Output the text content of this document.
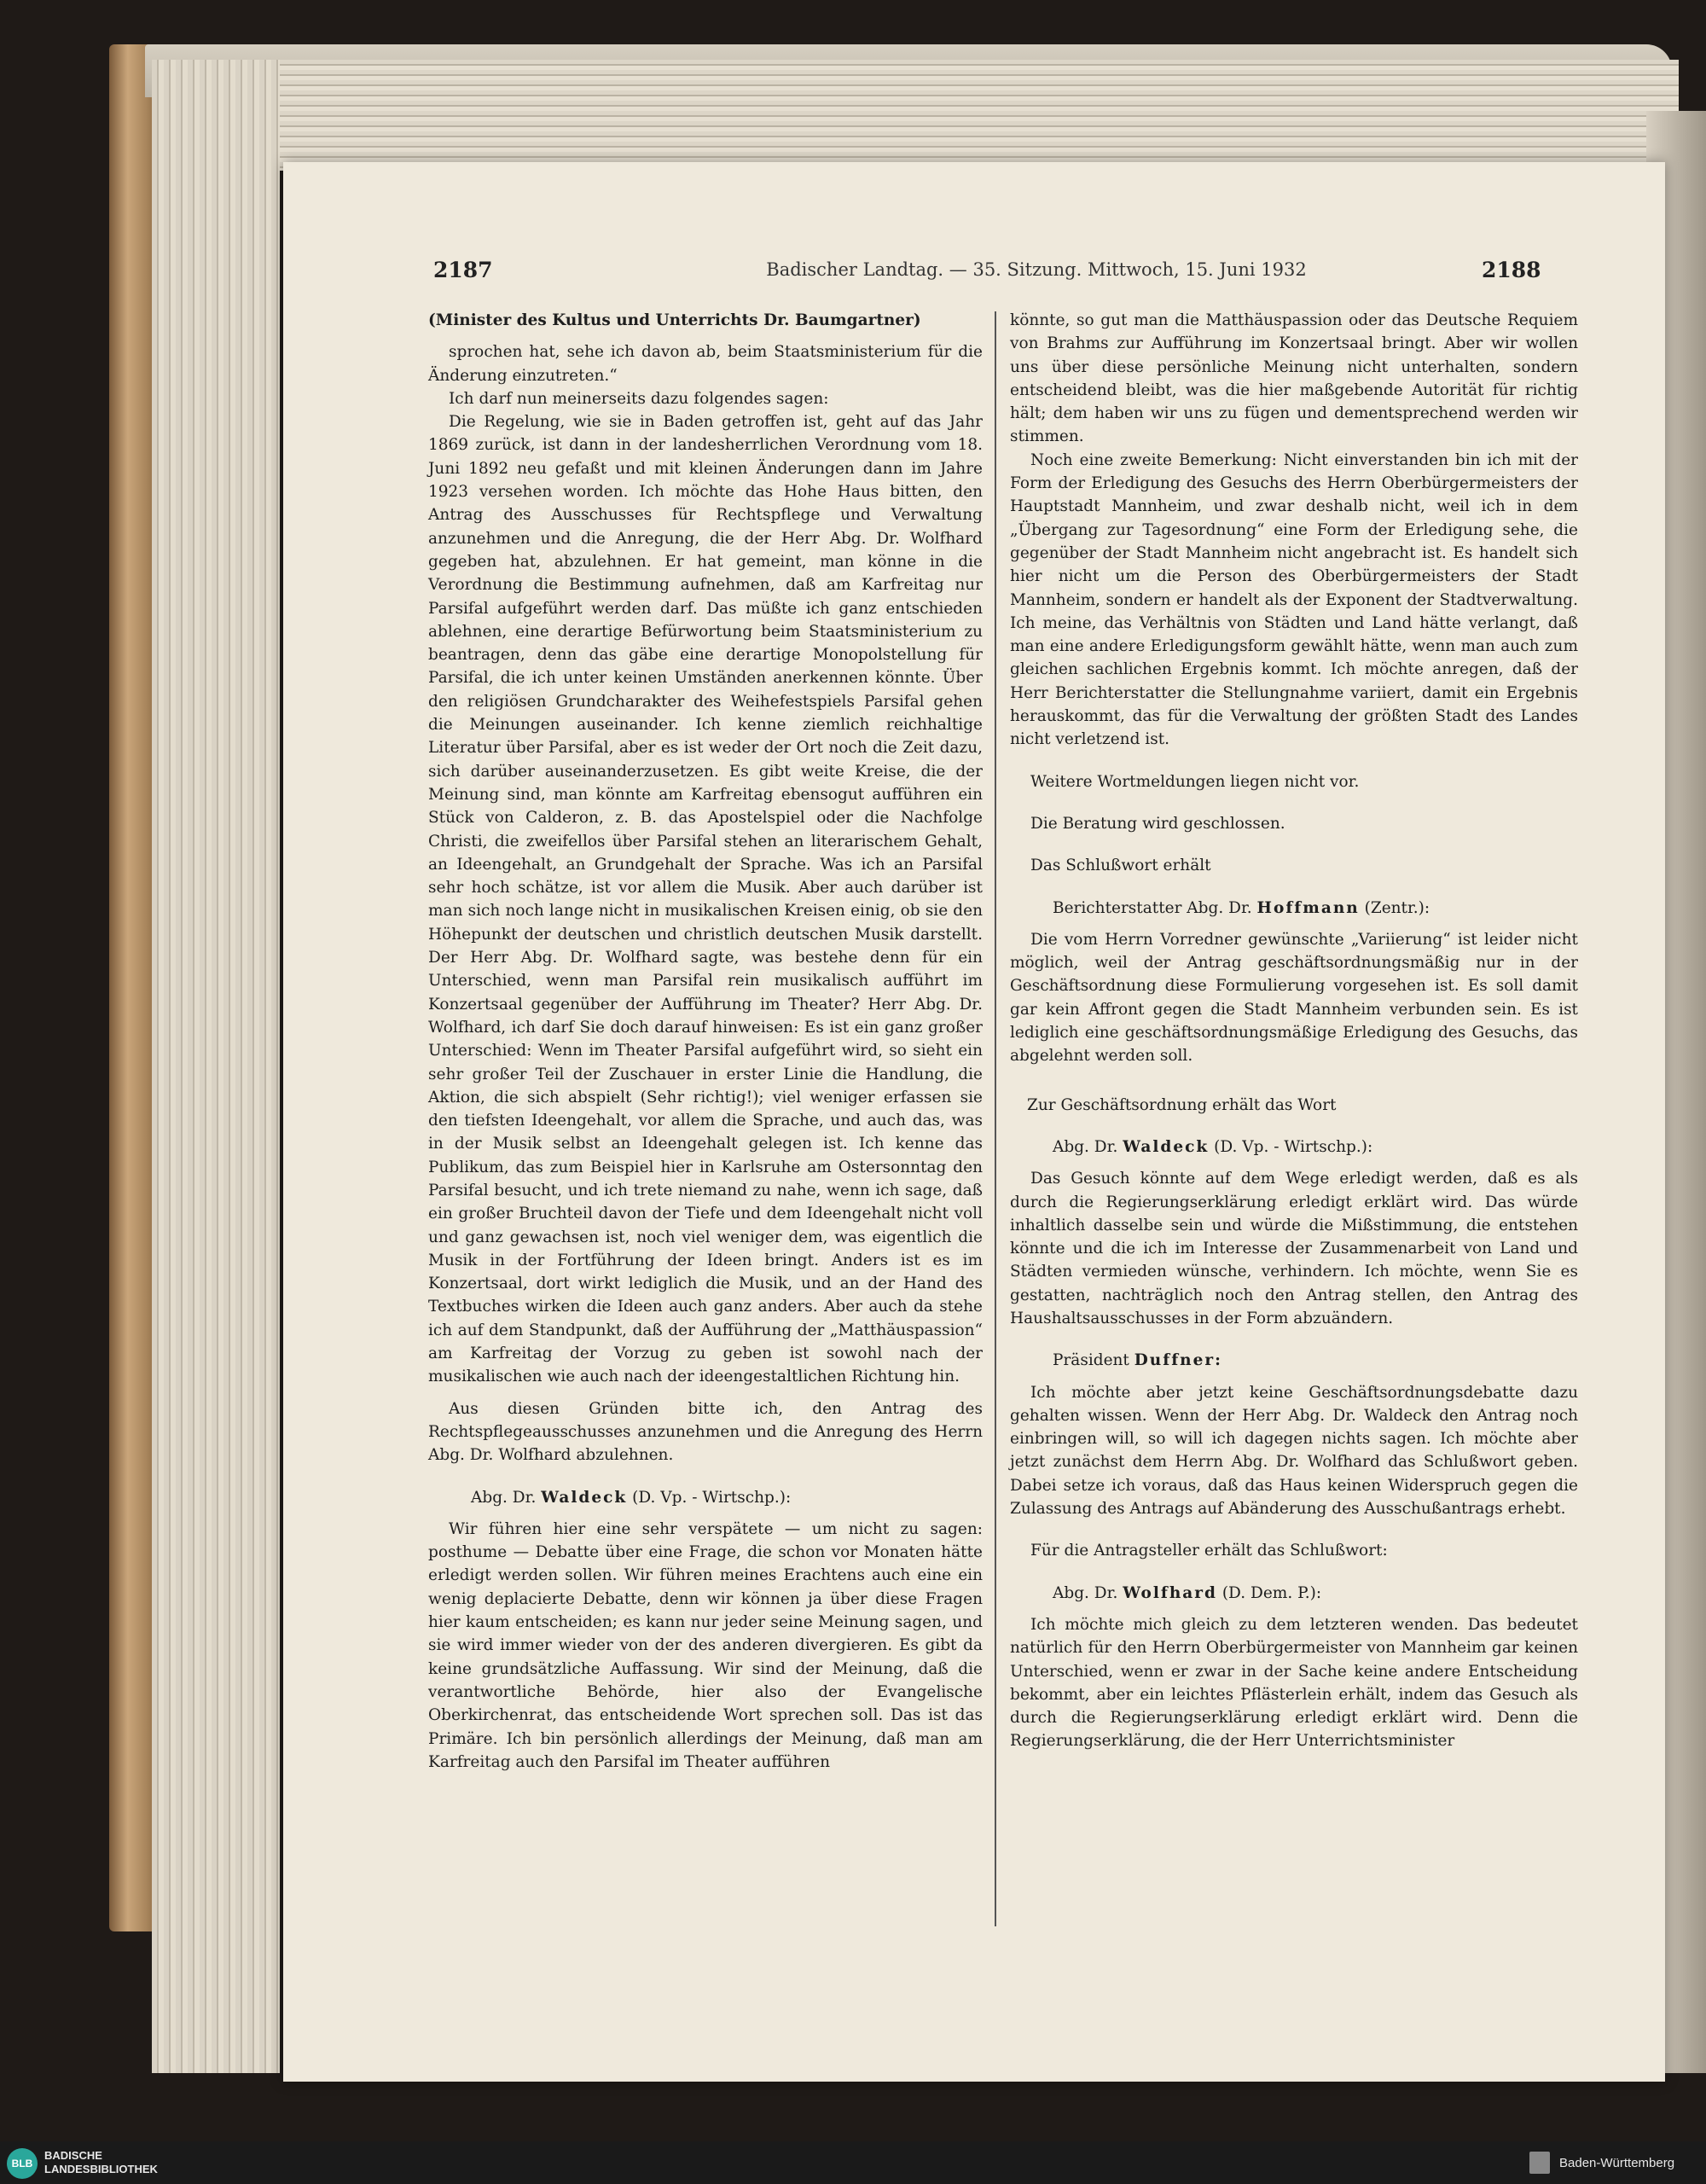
2187	Badischer Landtag. — 35. Sitzung. Mittwoch, 15. Juni 1932	2188

(Minister des Kultus und Unterrichts Dr. Baumgartner)

sprochen hat, sehe ich davon ab, beim Staatsministerium für die Änderung einzutreten.“

Ich darf nun meinerseits dazu folgendes sagen:

Die Regelung, wie sie in Baden getroffen ist, geht auf das Jahr 1869 zurück, ist dann in der landesherrlichen Verordnung vom 18. Juni 1892 neu gefaßt und mit kleinen Änderungen dann im Jahre 1923 versehen worden. Ich möchte das Hohe Haus bitten, den Antrag des Ausschusses für Rechtspflege und Verwaltung anzunehmen und die Anregung, die der Herr Abg. Dr. Wolfhard gegeben hat, abzulehnen. Er hat gemeint, man könne in die Verordnung die Bestimmung aufnehmen, daß am Karfreitag nur Parsifal aufgeführt werden darf. Das müßte ich ganz entschieden ablehnen, eine derartige Befürwortung beim Staatsministerium zu beantragen, denn das gäbe eine derartige Monopolstellung für Parsifal, die ich unter keinen Umständen anerkennen könnte. Über den religiösen Grundcharakter des Weihefestspiels Parsifal gehen die Meinungen auseinander. Ich kenne ziemlich reichhaltige Literatur über Parsifal, aber es ist weder der Ort noch die Zeit dazu, sich darüber auseinanderzusetzen. Es gibt weite Kreise, die der Meinung sind, man könnte am Karfreitag ebensogut aufführen ein Stück von Calderon, z. B. das Apostelspiel oder die Nachfolge Christi, die zweifellos über Parsifal stehen an literarischem Gehalt, an Ideengehalt, an Grundgehalt der Sprache. Was ich an Parsifal sehr hoch schätze, ist vor allem die Musik. Aber auch darüber ist man sich noch lange nicht in musikalischen Kreisen einig, ob sie den Höhepunkt der deutschen und christlich deutschen Musik darstellt. Der Herr Abg. Dr. Wolfhard sagte, was bestehe denn für ein Unterschied, wenn man Parsifal rein musikalisch aufführt im Konzertsaal gegenüber der Aufführung im Theater? Herr Abg. Dr. Wolfhard, ich darf Sie doch darauf hinweisen: Es ist ein ganz großer Unterschied: Wenn im Theater Parsifal aufgeführt wird, so sieht ein sehr großer Teil der Zuschauer in erster Linie die Handlung, die Aktion, die sich abspielt (Sehr richtig!); viel weniger erfassen sie den tiefsten Ideengehalt, vor allem die Sprache, und auch das, was in der Musik selbst an Ideengehalt gelegen ist. Ich kenne das Publikum, das zum Beispiel hier in Karlsruhe am Ostersonntag den Parsifal besucht, und ich trete niemand zu nahe, wenn ich sage, daß ein großer Bruchteil davon der Tiefe und dem Ideengehalt nicht voll und ganz gewachsen ist, noch viel weniger dem, was eigentlich die Musik in der Fortführung der Ideen bringt. Anders ist es im Konzertsaal, dort wirkt lediglich die Musik, und an der Hand des Textbuches wirken die Ideen auch ganz anders. Aber auch da stehe ich auf dem Standpunkt, daß der Aufführung der „Matthäuspassion“ am Karfreitag der Vorzug zu geben ist sowohl nach der musikalischen wie auch nach der ideengestaltlichen Richtung hin.

Aus diesen Gründen bitte ich, den Antrag des Rechtspflegeausschusses anzunehmen und die Anregung des Herrn Abg. Dr. Wolfhard abzulehnen.

Abg. Dr. Waldeck (D. Vp. - Wirtschp.):

Wir führen hier eine sehr verspätete — um nicht zu sagen: posthume — Debatte über eine Frage, die schon vor Monaten hätte erledigt werden sollen. Wir führen meines Erachtens auch eine ein wenig deplacierte Debatte, denn wir können ja über diese Fragen hier kaum entscheiden; es kann nur jeder seine Meinung sagen, und sie wird immer wieder von der des anderen divergieren. Es gibt da keine grundsätzliche Auffassung. Wir sind der Meinung, daß die verantwortliche Behörde, hier also der Evangelische Oberkirchenrat, das entscheidende Wort sprechen soll. Das ist das Primäre. Ich bin persönlich allerdings der Meinung, daß man am Karfreitag auch den Parsifal im Theater aufführen

könnte, so gut man die Matthäuspassion oder das Deutsche Requiem von Brahms zur Aufführung im Konzertsaal bringt. Aber wir wollen uns über diese persönliche Meinung nicht unterhalten, sondern entscheidend bleibt, was die hier maßgebende Autorität für richtig hält; dem haben wir uns zu fügen und dementsprechend werden wir stimmen.

Noch eine zweite Bemerkung: Nicht einverstanden bin ich mit der Form der Erledigung des Gesuchs des Herrn Oberbürgermeisters der Hauptstadt Mannheim, und zwar deshalb nicht, weil ich in dem „Übergang zur Tagesordnung“ eine Form der Erledigung sehe, die gegenüber der Stadt Mannheim nicht angebracht ist. Es handelt sich hier nicht um die Person des Oberbürgermeisters der Stadt Mannheim, sondern er handelt als der Exponent der Stadtverwaltung. Ich meine, das Verhältnis von Städten und Land hätte verlangt, daß man eine andere Erledigungsform gewählt hätte, wenn man auch zum gleichen sachlichen Ergebnis kommt. Ich möchte anregen, daß der Herr Berichterstatter die Stellungnahme variiert, damit ein Ergebnis herauskommt, das für die Verwaltung der größten Stadt des Landes nicht verletzend ist.

Weitere Wortmeldungen liegen nicht vor.

Die Beratung wird geschlossen.

Das Schlußwort erhält

Berichterstatter Abg. Dr. Hoffmann (Zentr.):

Die vom Herrn Vorredner gewünschte „Variierung“ ist leider nicht möglich, weil der Antrag geschäftsordnungsmäßig nur in der Geschäftsordnung diese Formulierung vorgesehen ist. Es soll damit gar kein Affront gegen die Stadt Mannheim verbunden sein. Es ist lediglich eine geschäftsordnungsmäßige Erledigung des Gesuchs, das abgelehnt werden soll.

Zur Geschäftsordnung erhält das Wort

Abg. Dr. Waldeck (D. Vp. - Wirtschp.):

Das Gesuch könnte auf dem Wege erledigt werden, daß es als durch die Regierungserklärung erledigt erklärt wird. Das würde inhaltlich dasselbe sein und würde die Mißstimmung, die entstehen könnte und die ich im Interesse der Zusammenarbeit von Land und Städten vermieden wünsche, verhindern. Ich möchte, wenn Sie es gestatten, nachträglich noch den Antrag stellen, den Antrag des Haushaltsausschusses in der Form abzuändern.

Präsident Duffner:

Ich möchte aber jetzt keine Geschäftsordnungsdebatte dazu gehalten wissen. Wenn der Herr Abg. Dr. Waldeck den Antrag noch einbringen will, so will ich dagegen nichts sagen. Ich möchte aber jetzt zunächst dem Herrn Abg. Dr. Wolfhard das Schlußwort geben. Dabei setze ich voraus, daß das Haus keinen Widerspruch gegen die Zulassung des Antrags auf Abänderung des Ausschußantrags erhebt.

Für die Antragsteller erhält das Schlußwort:

Abg. Dr. Wolfhard (D. Dem. P.):

Ich möchte mich gleich zu dem letzteren wenden. Das bedeutet natürlich für den Herrn Oberbürgermeister von Mannheim gar keinen Unterschied, wenn er zwar in der Sache keine andere Entscheidung bekommt, aber ein leichtes Pflästerlein erhält, indem das Gesuch als durch die Regierungserklärung erledigt erklärt wird. Denn die Regierungserklärung, die der Herr Unterrichtsminister

BLB
BADISCHE
LANDESBIBLIOTHEK	Baden-Württemberg
